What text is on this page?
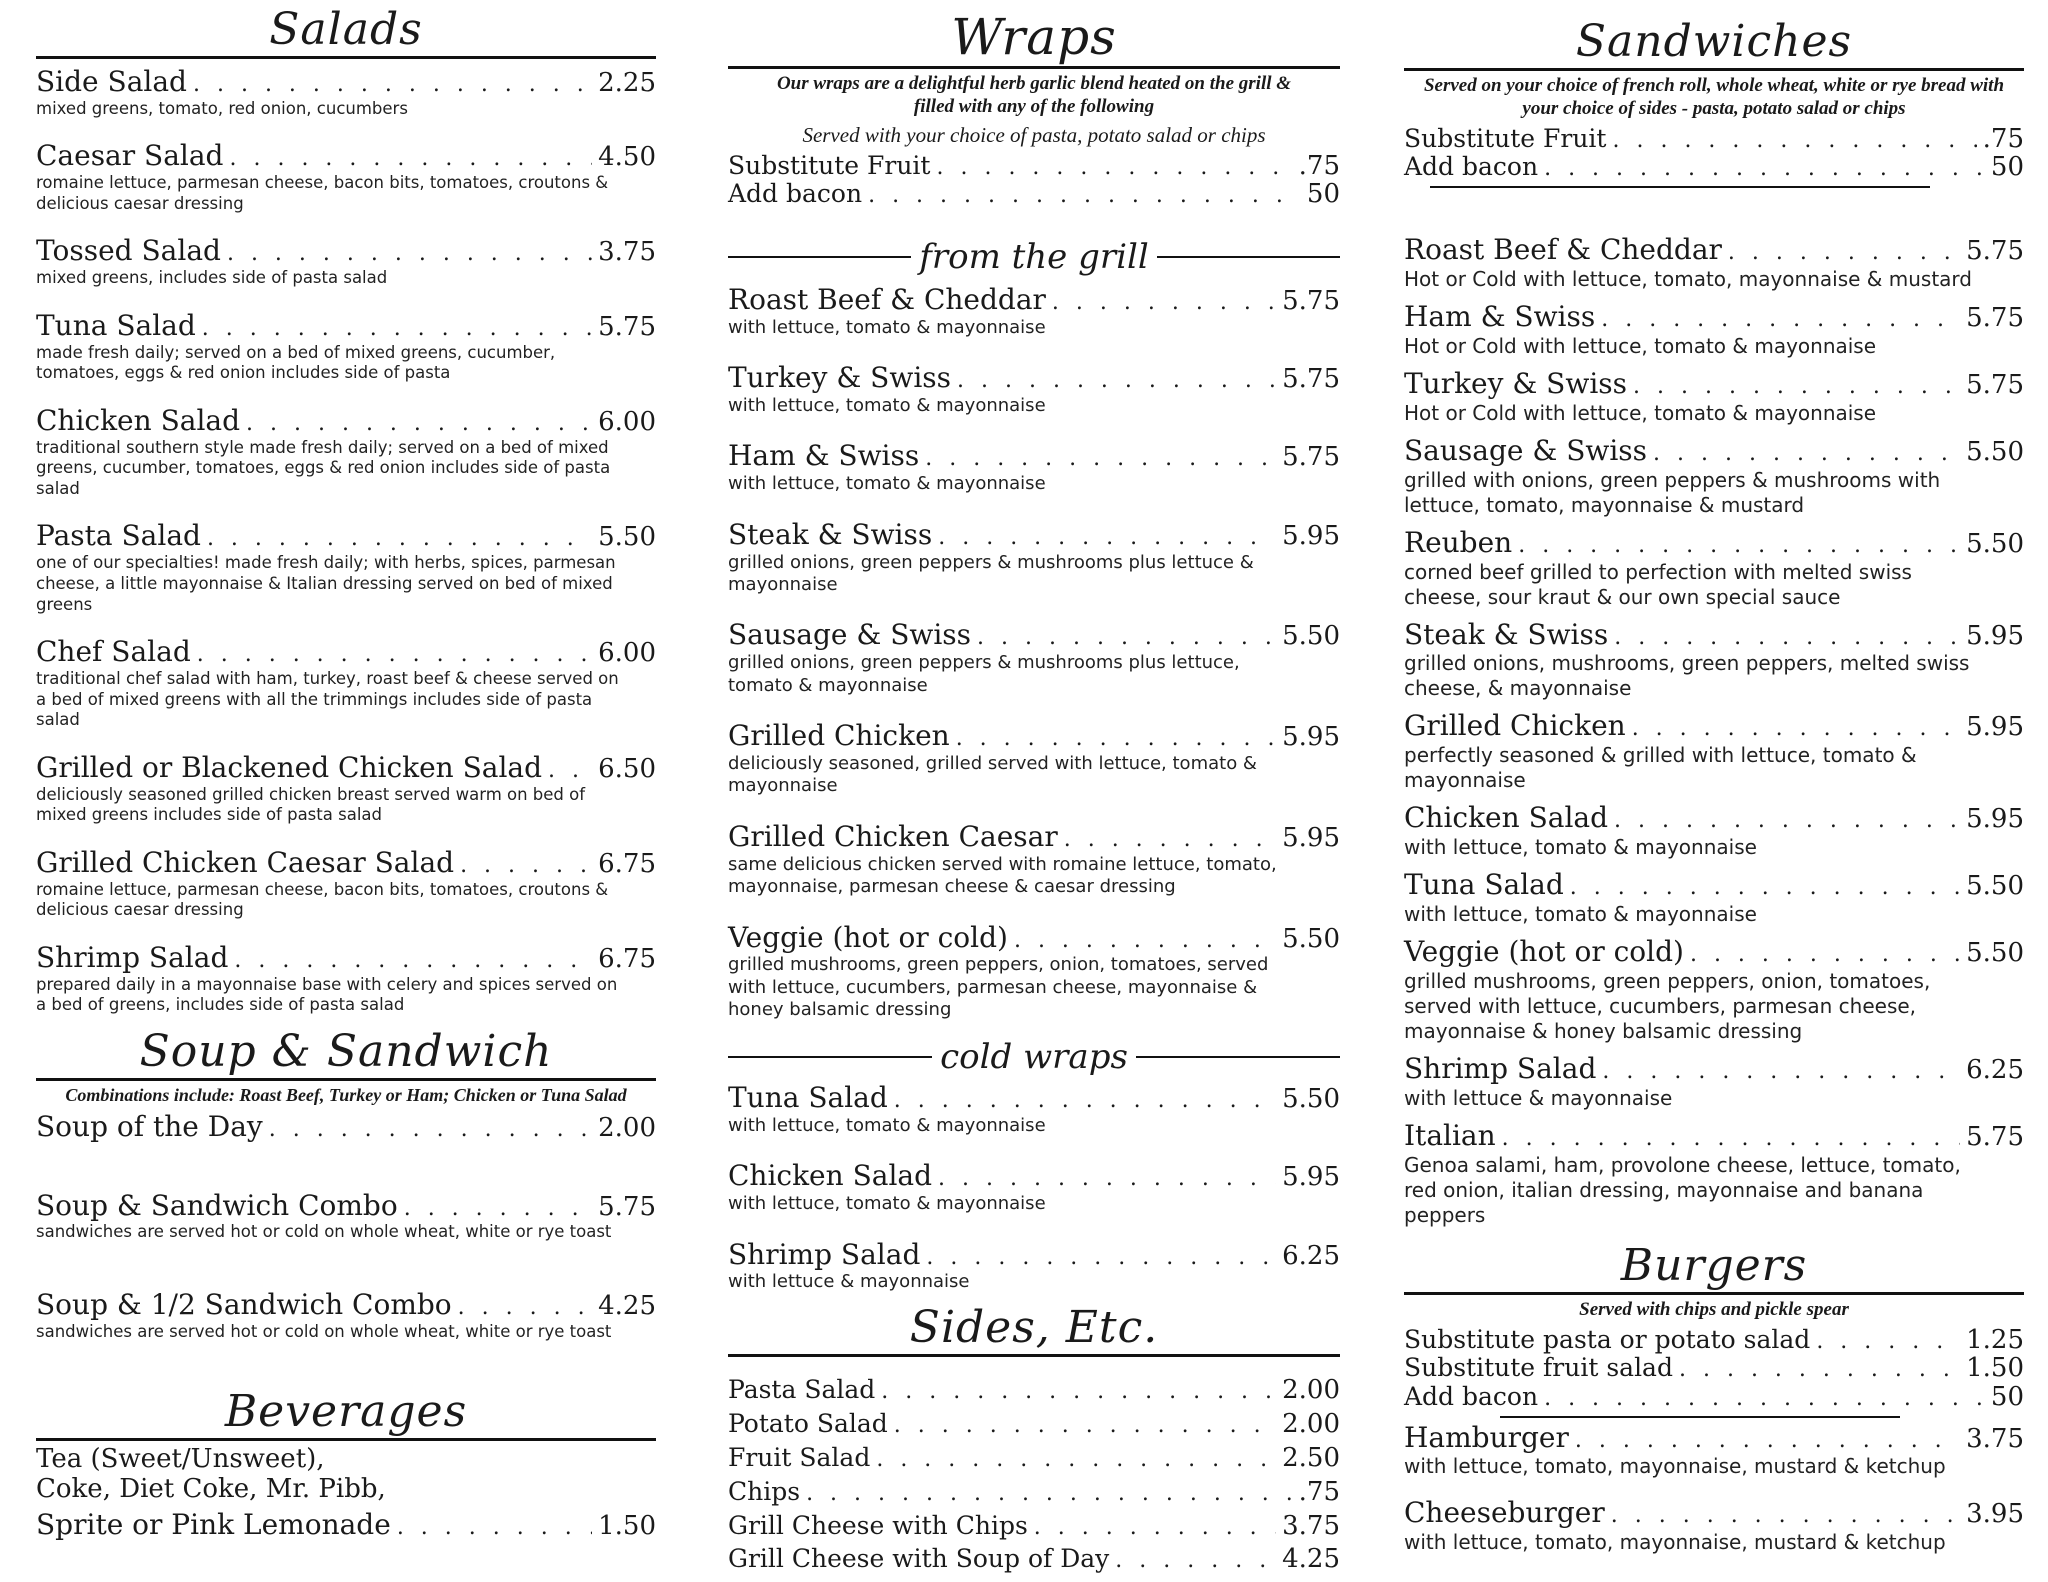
Salads
Side Salad . . .	2.25
mixed greens, tomato, red onion, cucumbers
Caesar Salad . . .	4.50
romaine lettuce, parmesan cheese, bacon bits, tomatoes, croutons & delicious caesar dressing
Tossed Salad . . .	3.75
mixed greens, includes side of pasta salad
Tuna Salad . . .	5.75
made fresh daily; served on a bed of mixed greens, cucumber, tomatoes, eggs & red onion includes side of pasta
Chicken Salad . . .	6.00
traditional southern style made fresh daily; served on a bed of mixed greens, cucumber, tomatoes, eggs & red onion includes side of pasta salad
Pasta Salad . . .	5.50
one of our specialties! made fresh daily; with herbs, spices, parmesan cheese, a little mayonnaise & Italian dressing served on bed of mixed greens
Chef Salad . . .	6.00
traditional chef salad with ham, turkey, roast beef & cheese served on a bed of mixed greens with all the trimmings includes side of pasta salad
Grilled or Blackened Chicken Salad . . . 6.50
deliciously seasoned grilled chicken breast served warm on bed of mixed greens includes side of pasta salad
Grilled Chicken Caesar Salad . . .	6.75
romaine lettuce, parmesan cheese, bacon bits, tomatoes, croutons & delicious caesar dressing
Shrimp Salad . . .	6.75
prepared daily in a mayonnaise base with celery and spices served on a bed of greens, includes side of pasta salad
Soup & Sandwich
Combinations include: Roast Beef, Turkey or Ham; Chicken or Tuna Salad
Soup of the Day . . .	2.00
Soup & Sandwich Combo . . .	5.75
sandwiches are served hot or cold on whole wheat, white or rye toast
Soup & 1/2 Sandwich Combo . . .	4.25
sandwiches are served hot or cold on whole wheat, white or rye toast
Beverages
Tea (Sweet/Unsweet),
Coke, Diet Coke, Mr. Pibb,
Sprite or Pink Lemonade . . .	1.50
Wraps
Our wraps are a delightful herb garlic blend heated on the grill & filled with any of the following
Served with your choice of pasta, potato salad or chips
Substitute Fruit . . .	.75
Add bacon . . .	50
from the grill
Roast Beef & Cheddar . . .	5.75
with lettuce, tomato & mayonnaise
Turkey & Swiss . . .	5.75
with lettuce, tomato & mayonnaise
Ham & Swiss . . .	5.75
with lettuce, tomato & mayonnaise
Steak & Swiss . . .	5.95
grilled onions, green peppers & mushrooms plus lettuce & mayonnaise
Sausage & Swiss . . .	5.50
grilled onions, green peppers & mushrooms plus lettuce, tomato & mayonnaise
Grilled Chicken . . .	5.95
deliciously seasoned, grilled served with lettuce, tomato & mayonnaise
Grilled Chicken Caesar . . .	5.95
same delicious chicken served with romaine lettuce, tomato, mayonnaise, parmesan cheese & caesar dressing
Veggie (hot or cold) . . .	5.50
grilled mushrooms, green peppers, onion, tomatoes, served with lettuce, cucumbers, parmesan cheese, mayonnaise & honey balsamic dressing
cold wraps
Tuna Salad . . .	5.50
with lettuce, tomato & mayonnaise
Chicken Salad . . .	5.95
with lettuce, tomato & mayonnaise
Shrimp Salad . . .	6.25
with lettuce & mayonnaise
Sides, Etc.
Pasta Salad . . .	2.00
Potato Salad . . .	2.00
Fruit Salad . . .	2.50
Chips . . .	.75
Grill Cheese with Chips . . .	3.75
Grill Cheese with Soup of Day . . .	4.25
Sandwiches
Served on your choice of french roll, whole wheat, white or rye bread with your choice of sides - pasta, potato salad or chips
Substitute Fruit . . .	.75
Add bacon . . .	50
Roast Beef & Cheddar . . .	5.75
Hot or Cold with lettuce, tomato, mayonnaise & mustard
Ham & Swiss . . .	5.75
Hot or Cold with lettuce, tomato & mayonnaise
Turkey & Swiss . . .	5.75
Hot or Cold with lettuce, tomato & mayonnaise
Sausage & Swiss . . .	5.50
grilled with onions, green peppers & mushrooms with lettuce, tomato, mayonnaise & mustard
Reuben . . .	5.50
corned beef grilled to perfection with melted swiss cheese, sour kraut & our own special sauce
Steak & Swiss . . .	5.95
grilled onions, mushrooms, green peppers, melted swiss cheese, & mayonnaise
Grilled Chicken . . .	5.95
perfectly seasoned & grilled with lettuce, tomato & mayonnaise
Chicken Salad . . .	5.95
with lettuce, tomato & mayonnaise
Tuna Salad . . .	5.50
with lettuce, tomato & mayonnaise
Veggie (hot or cold) . . .	5.50
grilled mushrooms, green peppers, onion, tomatoes, served with lettuce, cucumbers, parmesan cheese, mayonnaise & honey balsamic dressing
Shrimp Salad . . .	6.25
with lettuce & mayonnaise
Italian . . .	5.75
Genoa salami, ham, provolone cheese, lettuce, tomato, red onion, italian dressing, mayonnaise and banana peppers
Burgers
Served with chips and pickle spear
Substitute pasta or potato salad . . .	1.25
Substitute fruit salad . . .	1.50
Add bacon . . .	50
Hamburger . . .	3.75
with lettuce, tomato, mayonnaise, mustard & ketchup
Cheeseburger . . .	3.95
with lettuce, tomato, mayonnaise, mustard & ketchup
